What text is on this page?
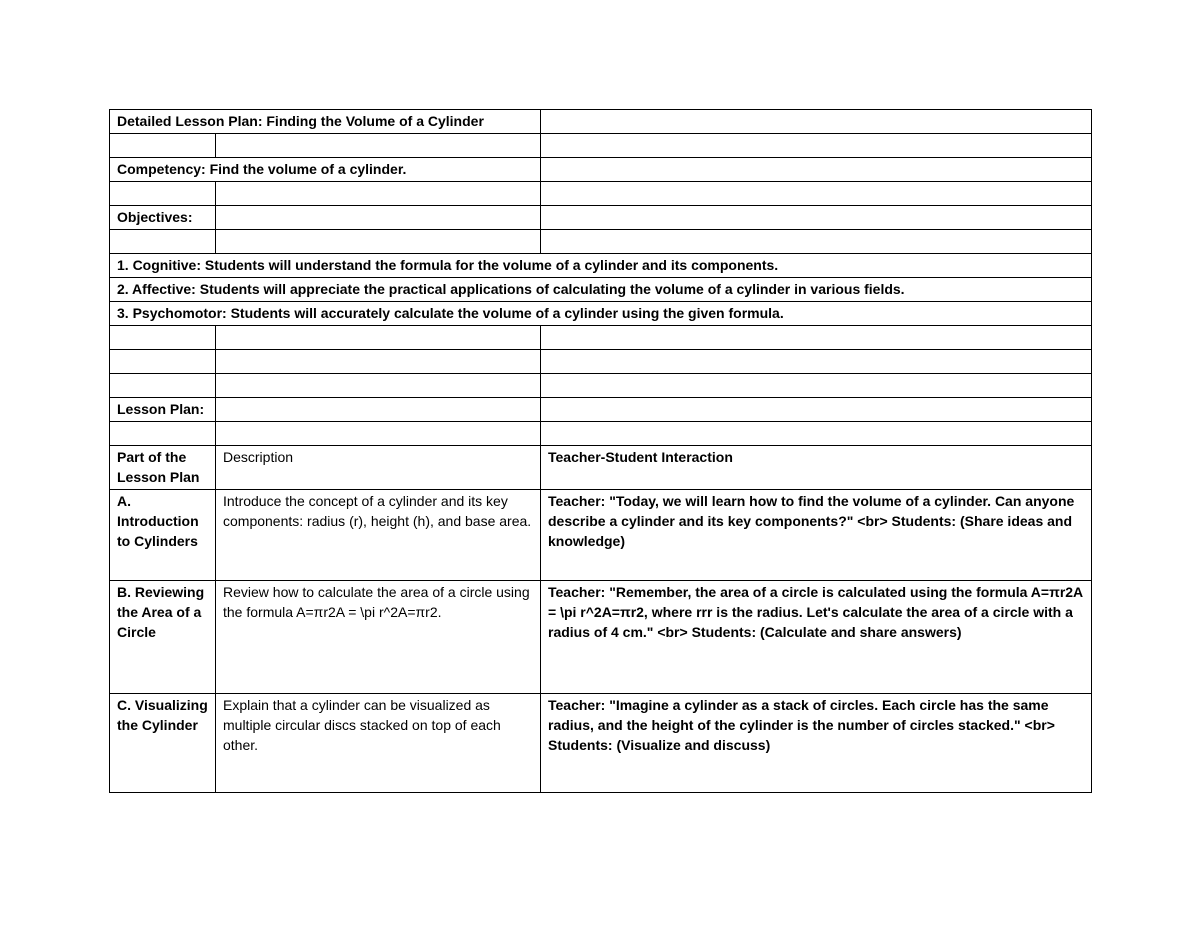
Detailed Lesson Plan: Finding the Volume of a Cylinder		

Competency: Find the volume of a cylinder.		

Objectives:		

1. Cognitive: Students will understand the formula for the volume of a cylinder and its components.		
2. Affective: Students will appreciate the practical applications of calculating the volume of a cylinder in various fields.		
3. Psychomotor: Students will accurately calculate the volume of a cylinder using the given formula.		

Lesson Plan:		

Part of the Lesson Plan	Description	Teacher-Student Interaction
A. Introduction to Cylinders	Introduce the concept of a cylinder and its key components: radius (r), height (h), and base area.	Teacher: "Today, we will learn how to find the volume of a cylinder. Can anyone describe a cylinder and its key components?" <br> Students: (Share ideas and knowledge)
B. Reviewing the Area of a Circle	Review how to calculate the area of a circle using the formula A=πr2A = \pi r^2A=πr2.	Teacher: "Remember, the area of a circle is calculated using the formula A=πr2A = \pi r^2A=πr2, where rrr is the radius. Let's calculate the area of a circle with a radius of 4 cm." <br> Students: (Calculate and share answers)
C. Visualizing the Cylinder	Explain that a cylinder can be visualized as multiple circular discs stacked on top of each other.	Teacher: "Imagine a cylinder as a stack of circles. Each circle has the same radius, and the height of the cylinder is the number of circles stacked." <br> Students: (Visualize and discuss)
